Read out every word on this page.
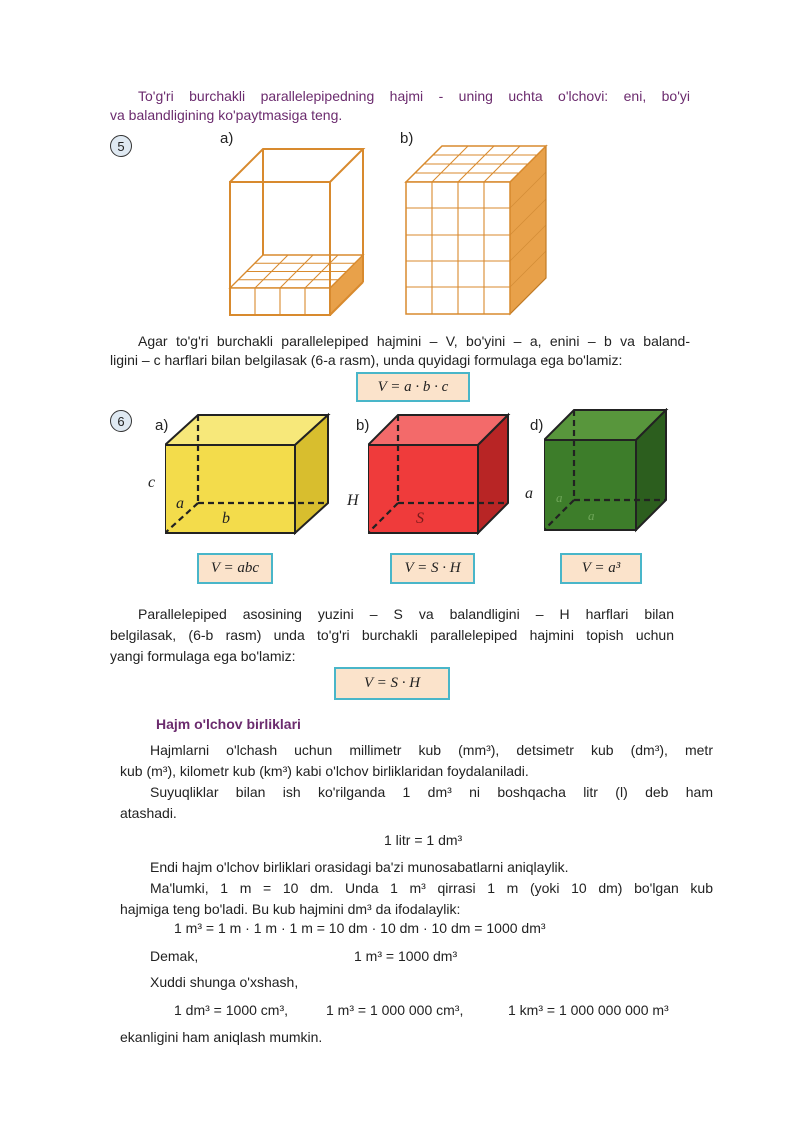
To'g'ri burchakli parallelepipedning hajmi - uning uchta o'lchovi: eni, bo'yi
va balandligining ko'paytmasiga teng.
5	a)	b)
Agar to'g'ri burchakli parallelepiped hajmini – V, bo'yini – a, enini – b va baland-
ligini – c harflari bilan belgilasak (6-a rasm), unda quyidagi formulaga ega bo'lamiz:
V = a · b · c
6	a)	b)	d)
c
a
b
H
S
a a
a
V = abc	V = S · H	V = a³
Parallelepiped asosining yuzini – S va balandligini – H harflari bilan
belgilasak, (6-b rasm) unda to'g'ri burchakli parallelepiped hajmini topish uchun
yangi formulaga ega bo'lamiz:
V = S · H
Hajm o'lchov birliklari
Hajmlarni o'lchash uchun millimetr kub (mm³), detsimetr kub (dm³), metr
kub (m³), kilometr kub (km³) kabi o'lchov birliklaridan foydalaniladi.
Suyuqliklar bilan ish ko'rilganda 1 dm³ ni boshqacha litr (l) deb ham
atashadi.
1 litr = 1 dm³
Endi hajm o'lchov birliklari orasidagi ba'zi munosabatlarni aniqlaylik.
Ma'lumki, 1 m = 10 dm. Unda 1 m³ qirrasi 1 m (yoki 10 dm) bo'lgan kub
hajmiga teng bo'ladi. Bu kub hajmini dm³ da ifodalaylik:
1 m³ = 1 m · 1 m · 1 m = 10 dm · 10 dm · 10 dm = 1000 dm³
Demak,	1 m³ = 1000 dm³
Xuddi shunga o'xshash,
1 dm³ = 1000 cm³,	1 m³ = 1 000 000 cm³,	1 km³ = 1 000 000 000 m³
ekanligini ham aniqlash mumkin.
